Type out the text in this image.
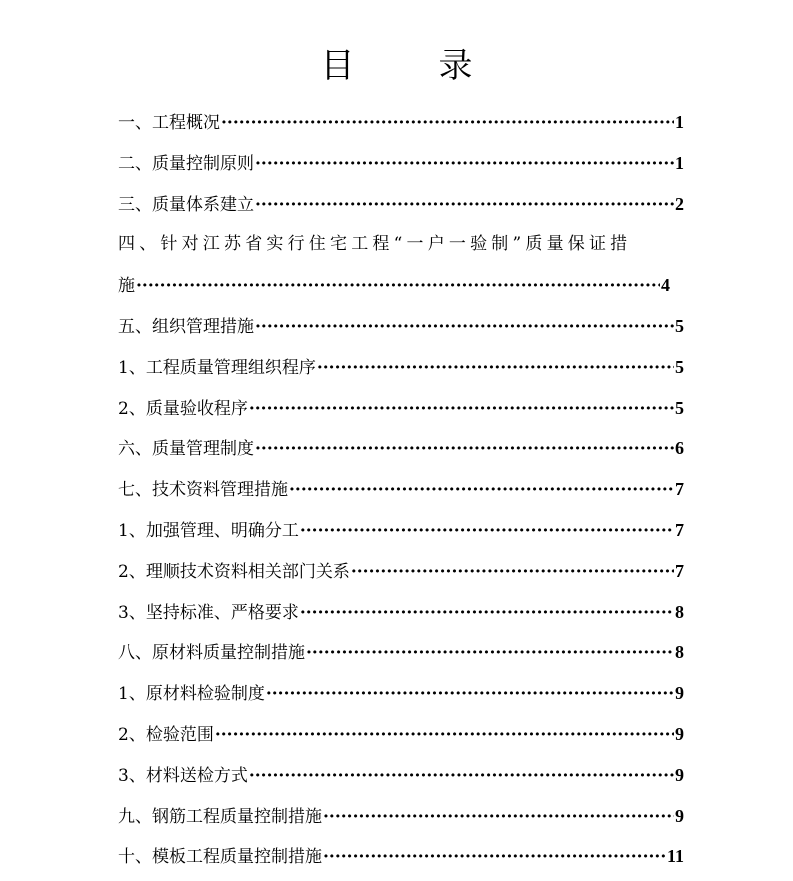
目 录
一、工程概况 ·····	1
二、质量控制原则 ·····	1
三、质量体系建立 ·····	2
四、针对江苏省实行住宅工程“一户一验制”质量保证措
施 ·····	4
五、组织管理措施 ·····	5
1、工程质量管理组织程序 ·····	5
2、质量验收程序 ·····	5
六、质量管理制度 ·····	6
七、技术资料管理措施 ·····	7
1、加强管理、明确分工 ·····	7
2、理顺技术资料相关部门关系 ·····	7
3、坚持标准、严格要求 ·····	8
八、原材料质量控制措施 ·····	8
1、原材料检验制度 ·····	9
2、检验范围 ·····	9
3、材料送检方式 ·····	9
九、钢筋工程质量控制措施 ·····	9
十、模板工程质量控制措施 ·····	11
